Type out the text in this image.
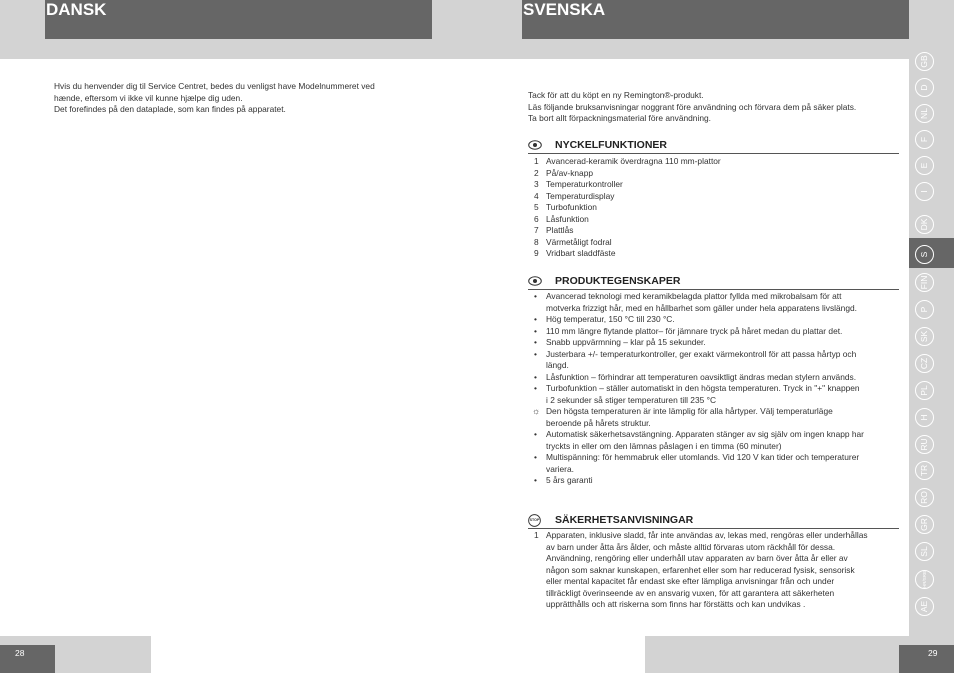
DANSK	SVENSKA
Hvis du henvender dig til Service Centret, bedes du venligst have Modelnummeret ved
hænde, eftersom vi ikke vil kunne hjælpe dig uden.
Det forefindes på den dataplade, som kan findes på apparatet.
Tack för att du köpt en ny Remington®-produkt.
Läs följande bruksanvisningar noggrant före användning och förvara dem på säker plats.
Ta bort allt förpackningsmaterial före användning.
NYCKELFUNKTIONER
1 Avancerad-keramik överdragna 110 mm-plattor
2 På/av-knapp
3 Temperaturkontroller
4 Temperaturdisplay
5 Turbofunktion
6 Låsfunktion
7 Plattlås
8 Värmetåligt fodral
9 Vridbart sladdfäste
PRODUKTEGENSKAPER
• Avancerad teknologi med keramikbelagda plattor fyllda med mikrobalsam för att
motverka frizzigt hår, med en hållbarhet som gäller under hela apparatens livslängd.
• Hög temperatur, 150 °C till 230 °C.
• 110 mm längre flytande plattor– för jämnare tryck på håret medan du plattar det.
• Snabb uppvärmning – klar på 15 sekunder.
• Justerbara +/- temperaturkontroller, ger exakt värmekontroll för att passa hårtyp och
längd.
• Låsfunktion – förhindrar att temperaturen oavsiktligt ändras medan stylern används.
• Turbofunktion – ställer automatiskt in den högsta temperaturen. Tryck in "+" knappen
i 2 sekunder så stiger temperaturen till 235 °C
☼ Den högsta temperaturen är inte lämplig för alla hårtyper. Välj temperaturläge
beroende på hårets struktur.
• Automatisk säkerhetsavstängning. Apparaten stänger av sig själv om ingen knapp har
tryckts in eller om den lämnas påslagen i en timma (60 minuter)
• Multispänning: för hemmabruk eller utomlands. Vid 120 V kan tider och temperaturer
variera.
• 5 års garanti
STOP SÄKERHETSANVISNINGAR
1 Apparaten, inklusive sladd, får inte användas av, lekas med, rengöras eller underhållas
av barn under åtta års ålder, och måste alltid förvaras utom räckhåll för dessa.
Användning, rengöring eller underhåll utav apparaten av barn över åtta år eller av
någon som saknar kunskapen, erfarenhet eller som har reducerad fysisk, sensorisk
eller mental kapacitet får endast ske efter lämpliga anvisningar från och under
tillräckligt överinseende av en ansvarig vuxen, för att garantera att säkerheten
upprätthålls och att riskerna som finns har förstätts och kan undvikas .
GB
D
NL
F
E
I
DK
S
FIN
P
SK
CZ
PL
H
RU
TR
RO
GR
SL
HR/SRB
AE
28	29
